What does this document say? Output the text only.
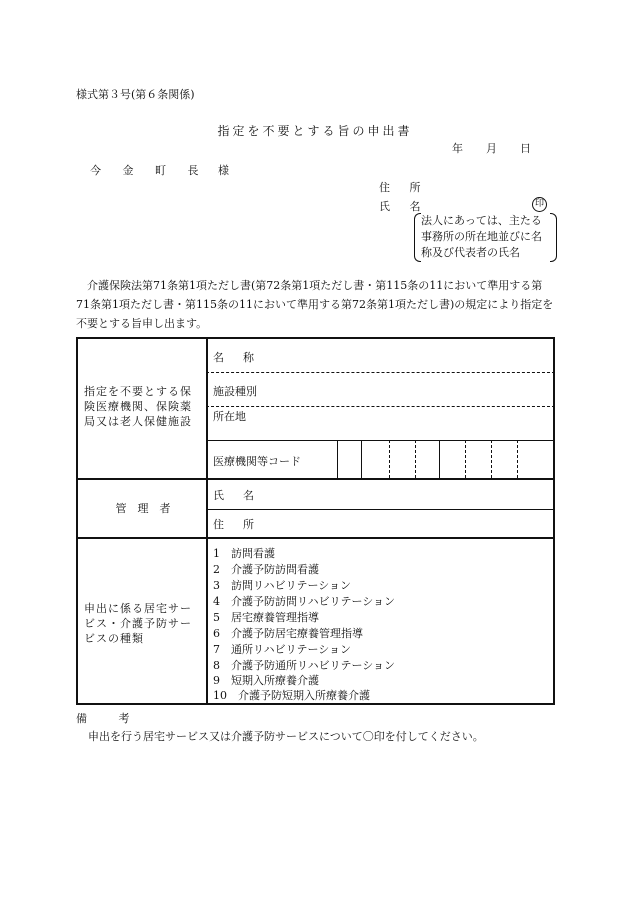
様式第３号(第６条関係)
指定を不要とする旨の申出書
年 月 日
今 金 町 長 様
住 所
氏 名	印
法人にあっては、主たる
事務所の所在地並びに名
称及び代表者の氏名
介護保険法第71条第1項ただし書(第72条第1項ただし書・第115条の11において準用する第71条第1項ただし書・第115条の11において準用する第72条第1項ただし書)の規定により指定を不要とする旨申し出ます。
名　称
施設種別
所在地
医療機関等コード
指定を不要とする保険医療機関、保険薬局又は老人保健施設
管　理　者
氏　名
住　所
申出に係る居宅サービス・介護予防サービスの種類
1　訪問看護
2　介護予防訪問看護
3　訪問リハビリテーション
4　介護予防訪問リハビリテーション
5　居宅療養管理指導
6　介護予防居宅療養管理指導
7　通所リハビリテーション
8　介護予防通所リハビリテーション
9　短期入所療養介護
10　介護予防短期入所療養介護
備 考
申出を行う居宅サービス又は介護予防サービスについて〇印を付してください。
